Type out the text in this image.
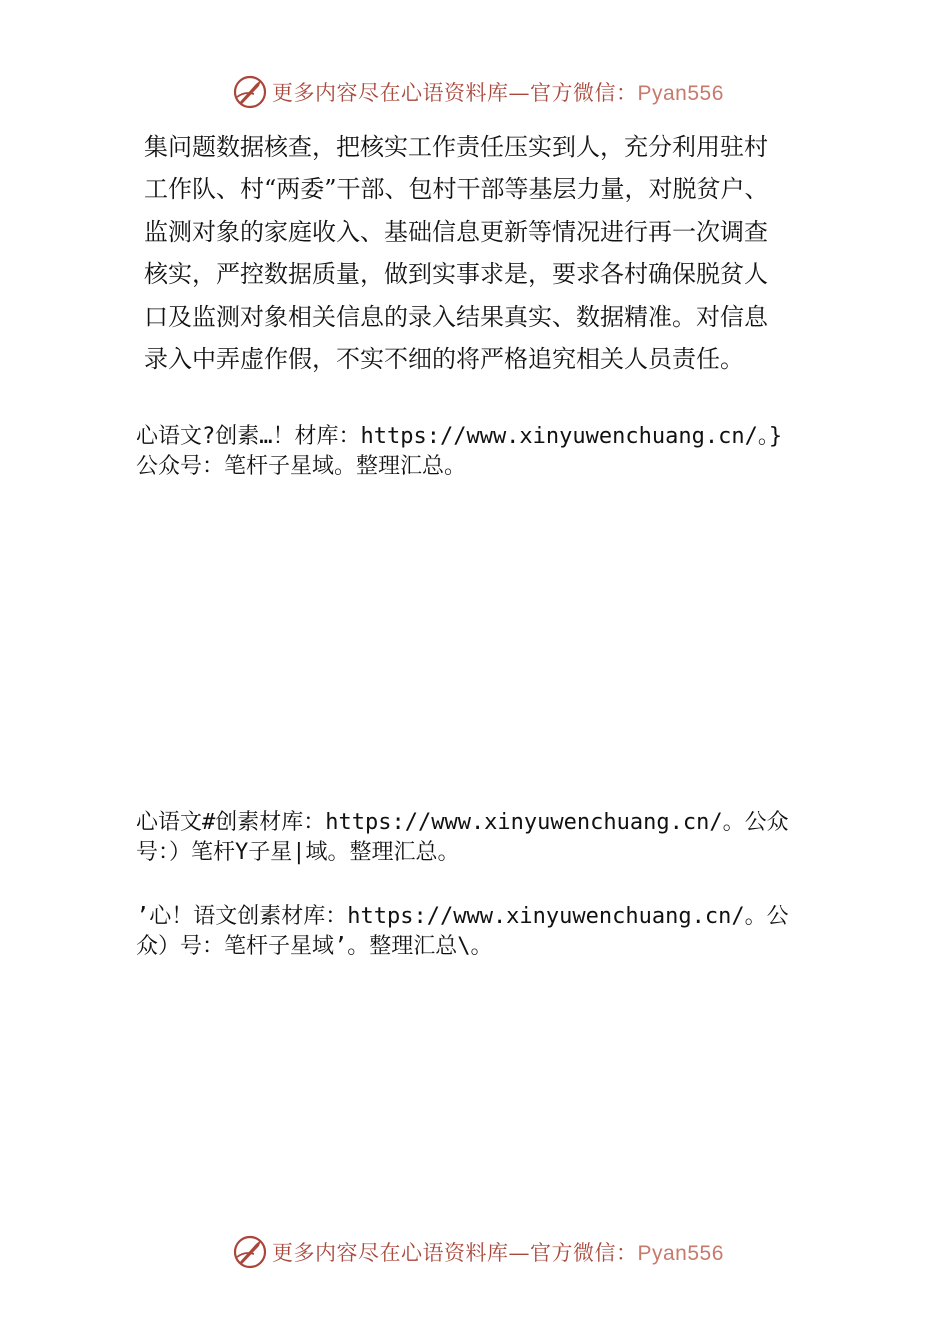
更多内容尽在心语资料库—官方微信：Pyan556

集问题数据核查，把核实工作责任压实到人，充分利用驻村

工作队、村“两委”干部、包村干部等基层力量，对脱贫户、

监测对象的家庭收入、基础信息更新等情况进行再一次调查

核实，严控数据质量，做到实事求是，要求各村确保脱贫人

口及监测对象相关信息的录入结果真实、数据精准。对信息

录入中弄虚作假，不实不细的将严格追究相关人员责任。

心语文?创素…！材库：https://www.xinyuwenchuang.cn/。}

公众号：笔杆子星域。整理汇总。

心语文#创素材库：https://www.xinyuwenchuang.cn/。公众

号：）笔杆Y子星|域。整理汇总。

’心！语文创素材库：https://www.xinyuwenchuang.cn/。公

众）号：笔杆子星域’。整理汇总\。

更多内容尽在心语资料库—官方微信：Pyan556
